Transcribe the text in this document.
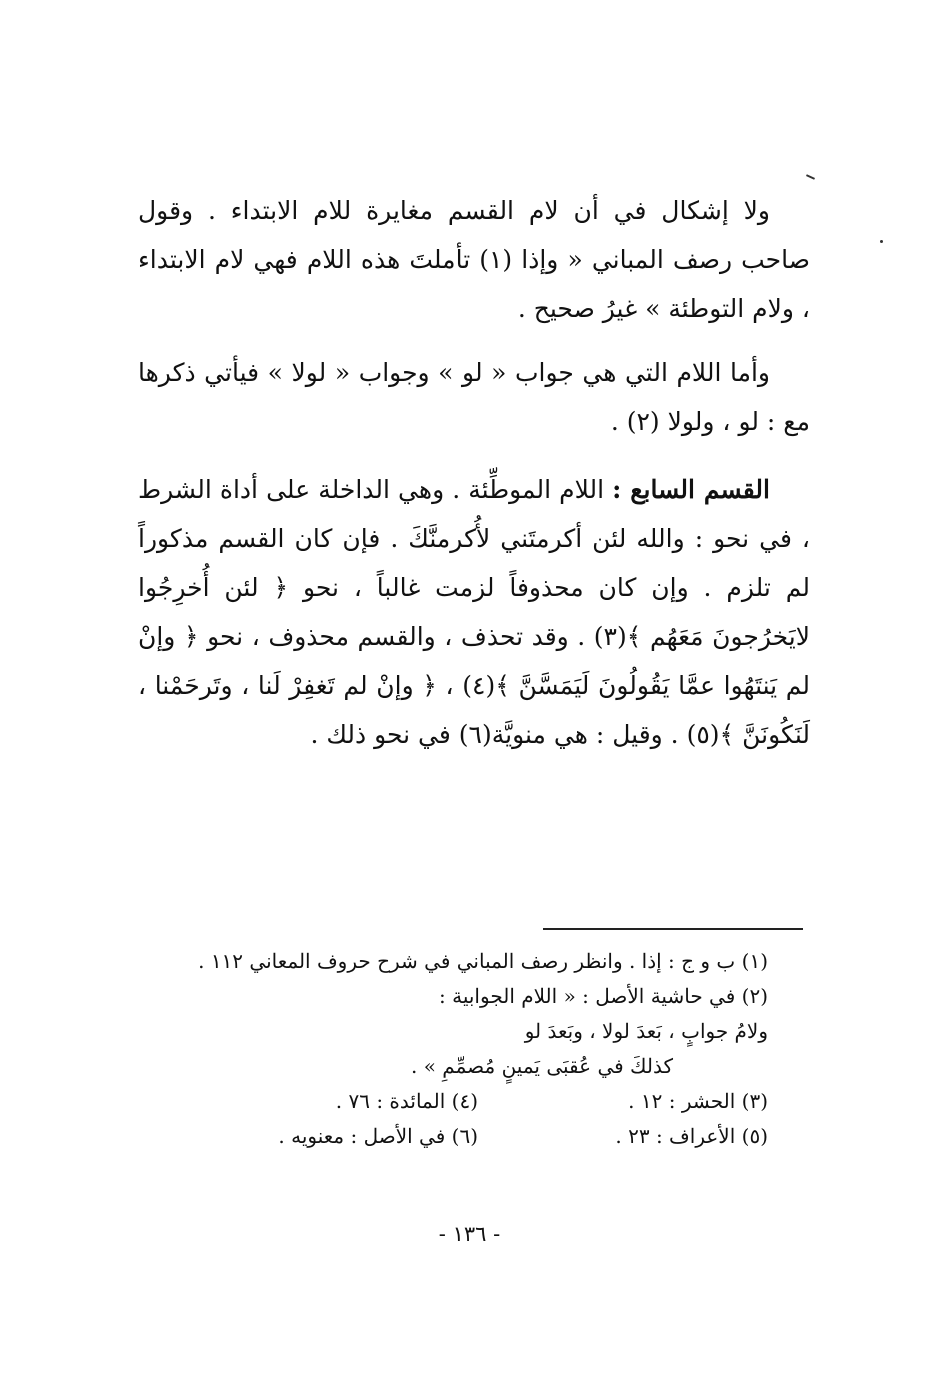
ولا إشكال في أن لام القسم مغايرة للام الابتداء . وقول صاحب رصف المباني « وإذا (١) تأملتَ هذه اللام فهي لام الابتداء ، ولام التوطئة » غيرُ صحيح .

وأما اللام التي هي جواب « لو » وجواب « لولا » فيأتي ذكرها مع : لو ، ولولا (٢) .

القسم السابع : اللام الموطِّئة . وهي الداخلة على أداة الشرط ، في نحو : والله لئن أكرمتَني لأُكرمنَّكَ . فإن كان القسم مذكوراً لم تلزم . وإن كان محذوفاً لزمت غالباً ، نحو ﴿ لئن أُخرِجُوا لايَخرُجونَ مَعَهُم ﴾(٣) . وقد تحذف ، والقسم محذوف ، نحو ﴿ وإنْ لم يَنتَهُوا عمَّا يَقُولُونَ لَيَمَسَّنَّ ﴾(٤) ، ﴿ وإنْ لم تَغفِرْ لَنا ، وتَرحَمْنا ، لَنَكُونَنَّ ﴾(٥) . وقيل : هي منويَّة(٦) في نحو ذلك .

(١) ب و ج : إذا . وانظر رصف المباني في شرح حروف المعاني ١١٢ .
(٢) في حاشية الأصل : « اللام الجوابية :
ولامُ جوابٍ ، بَعدَ لولا ، وبَعدَ لو
كذلكَ في عُقبَى يَمينٍ مُصمِّمِ » .
(٣) الحشر : ١٢ .
(٤) المائدة : ٧٦ .
(٥) الأعراف : ٢٣ .
(٦) في الأصل : معنويه .
- ١٣٦ -
